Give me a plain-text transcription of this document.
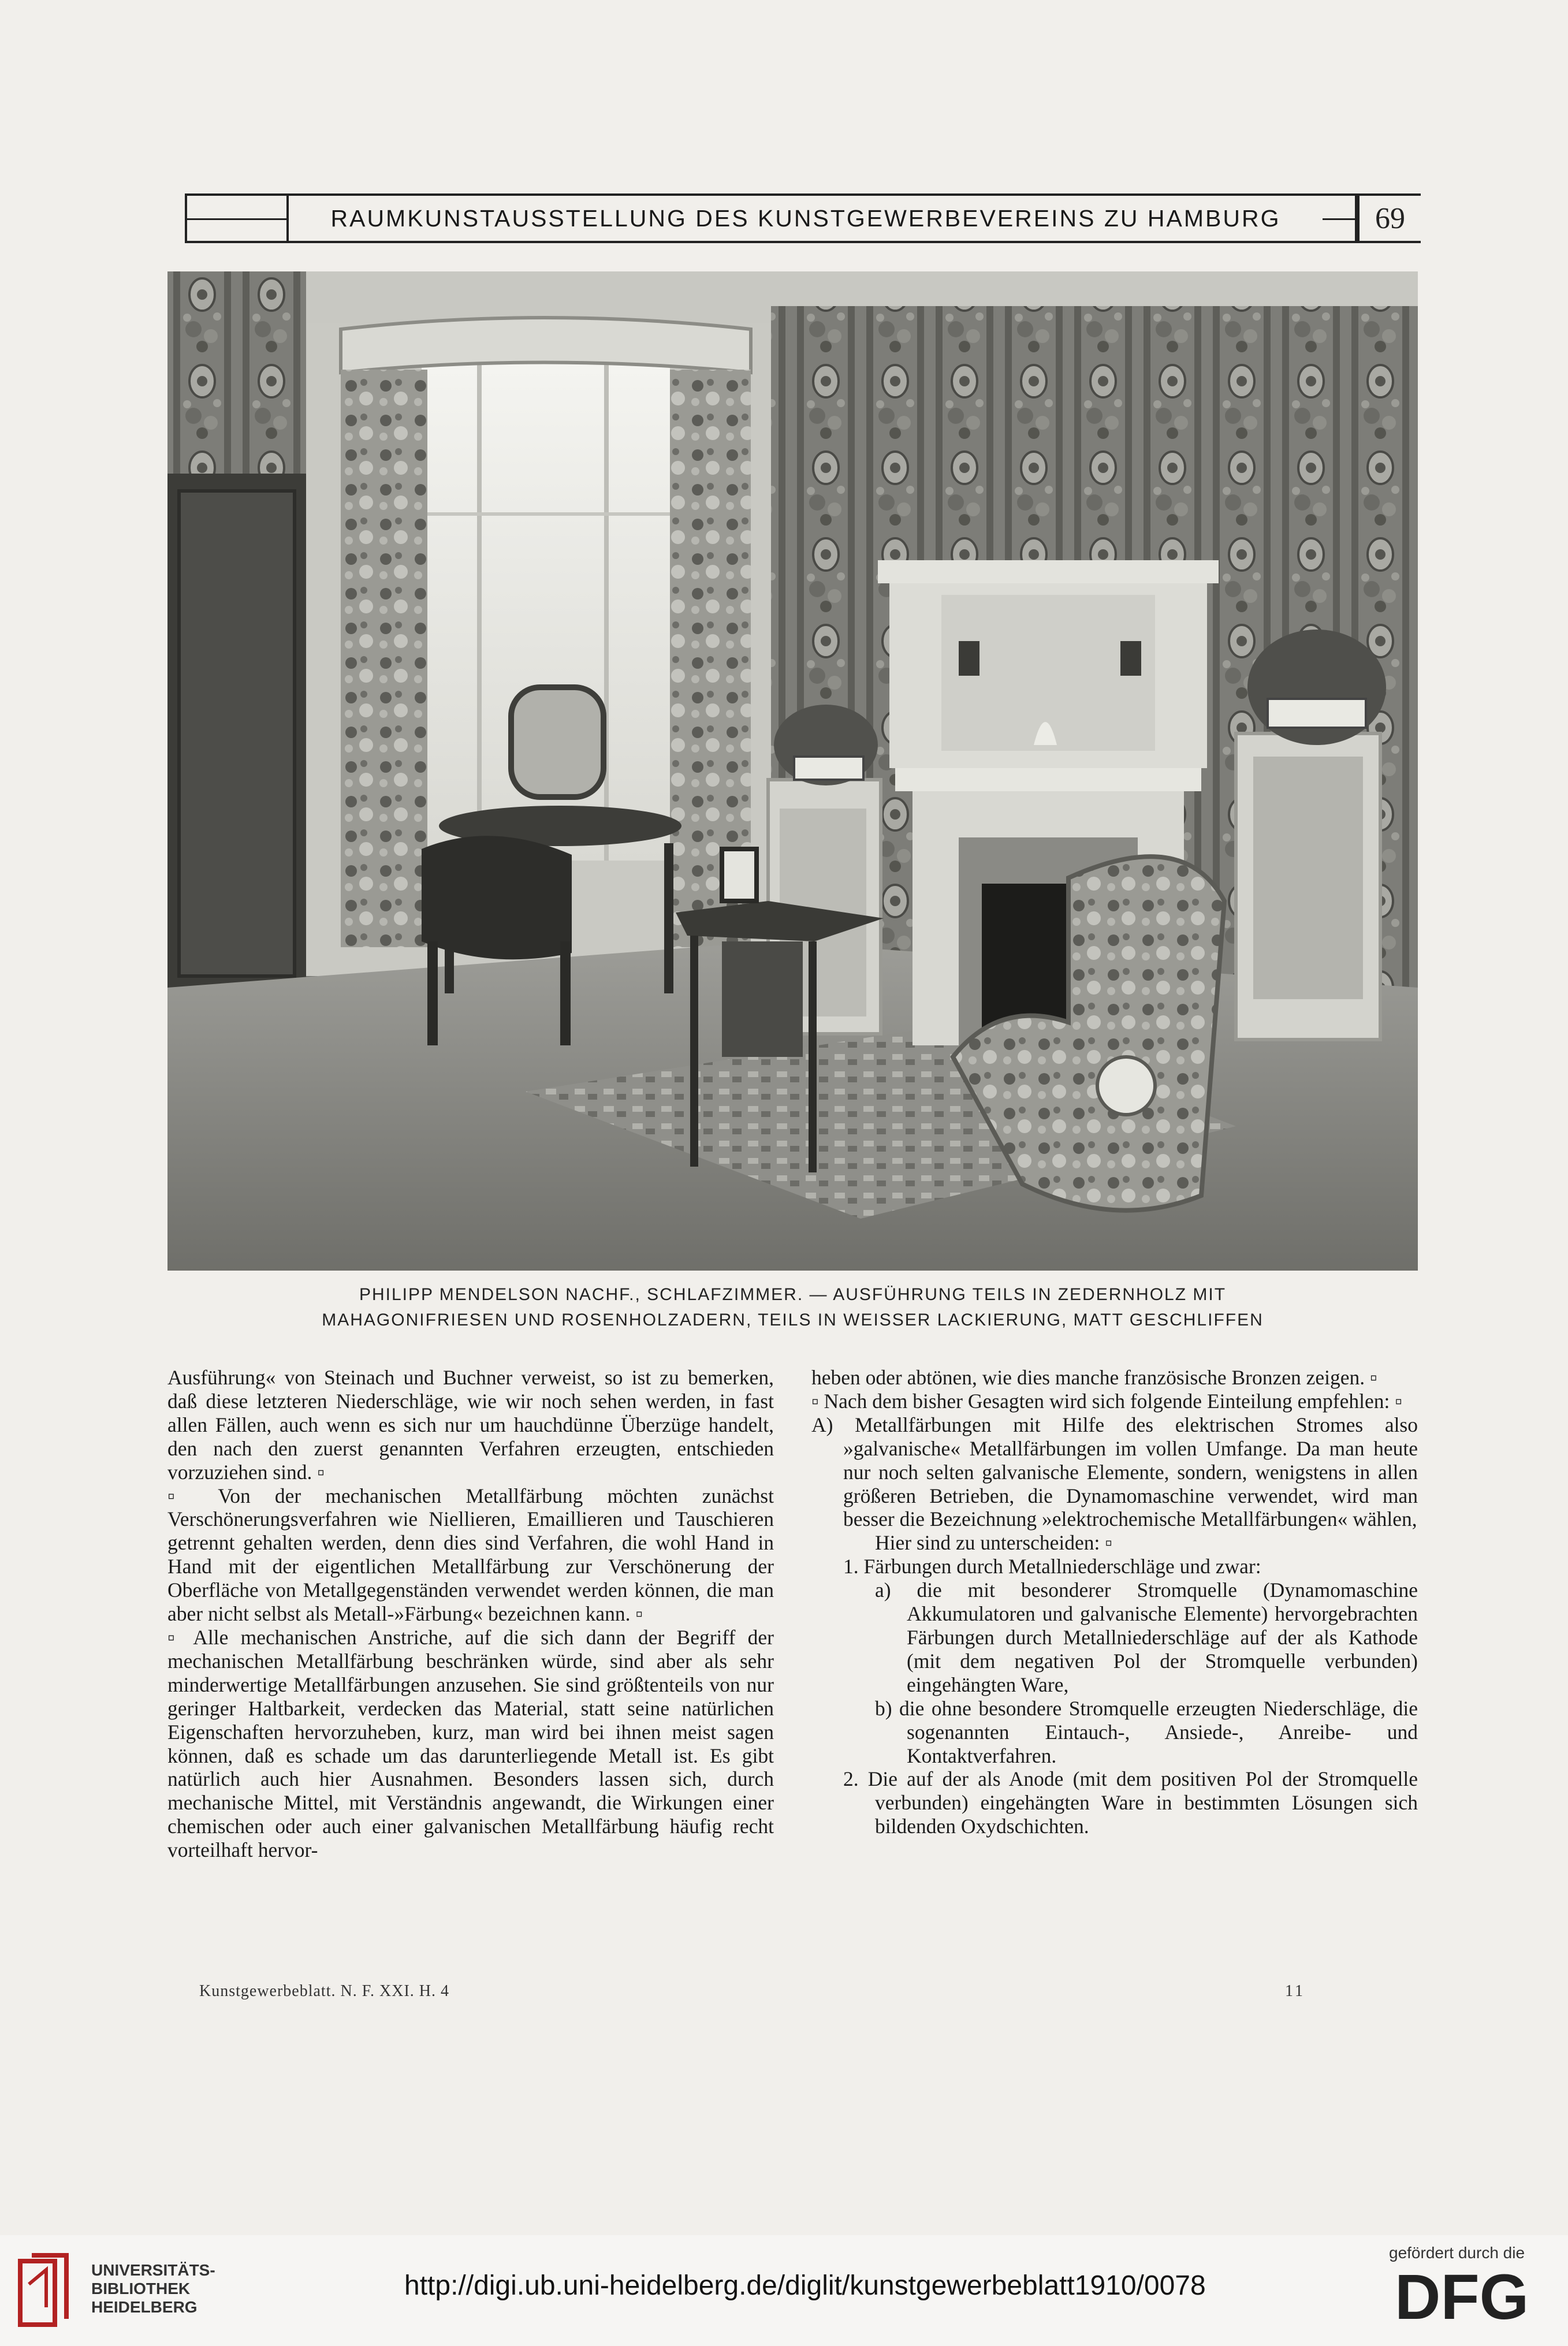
RAUMKUNSTAUSSTELLUNG DES KUNSTGEWERBEVEREINS ZU HAMBURG	69
PHILIPP MENDELSON NACHF., SCHLAFZIMMER. — AUSFÜHRUNG TEILS IN ZEDERNHOLZ MIT
MAHAGONIFRIESEN UND ROSENHOLZADERN, TEILS IN WEISSER LACKIERUNG, MATT GESCHLIFFEN

Ausführung« von Steinach und Buchner verweist, so ist zu bemerken, daß diese letzteren Niederschläge, wie wir noch sehen werden, in fast allen Fällen, auch wenn es sich nur um hauchdünne Überzüge handelt, den nach den zuerst genannten Verfahren erzeugten, entschieden vorzuziehen sind. ▫

▫ Von der mechanischen Metallfärbung möchten zunächst Verschönerungsverfahren wie Niellieren, Emaillieren und Tauschieren getrennt gehalten werden, denn dies sind Verfahren, die wohl Hand in Hand mit der eigentlichen Metallfärbung zur Verschönerung der Oberfläche von Metallgegenständen verwendet werden können, die man aber nicht selbst als Metall-»Färbung« bezeichnen kann. ▫

▫ Alle mechanischen Anstriche, auf die sich dann der Begriff der mechanischen Metallfärbung beschränken würde, sind aber als sehr minderwertige Metallfärbungen anzusehen. Sie sind größtenteils von nur geringer Haltbarkeit, verdecken das Material, statt seine natürlichen Eigenschaften hervorzuheben, kurz, man wird bei ihnen meist sagen können, daß es schade um das darunterliegende Metall ist. Es gibt natürlich auch hier Ausnahmen. Besonders lassen sich, durch mechanische Mittel, mit Verständnis angewandt, die Wirkungen einer chemischen oder auch einer galvanischen Metallfärbung häufig recht vorteilhaft hervor-

heben oder abtönen, wie dies manche französische Bronzen zeigen. ▫

▫ Nach dem bisher Gesagten wird sich folgende Einteilung empfehlen: ▫

A) Metallfärbungen mit Hilfe des elektrischen Stromes also »galvanische« Metallfärbungen im vollen Umfange. Da man heute nur noch selten galvanische Elemente, sondern, wenigstens in allen größeren Betrieben, die Dynamomaschine verwendet, wird man besser die Bezeichnung »elektrochemische Metallfärbungen« wählen,

Hier sind zu unterscheiden: ▫

1. Färbungen durch Metallniederschläge und zwar:

a) die mit besonderer Stromquelle (Dynamomaschine Akkumulatoren und galvanische Elemente) hervorgebrachten Färbungen durch Metallniederschläge auf der als Kathode (mit dem negativen Pol der Stromquelle verbunden) eingehängten Ware,

b) die ohne besondere Stromquelle erzeugten Niederschläge, die sogenannten Eintauch-, Ansiede-, Anreibe- und Kontaktverfahren.

2. Die auf der als Anode (mit dem positiven Pol der Stromquelle verbunden) eingehängten Ware in bestimmten Lösungen sich bildenden Oxydschichten.

Kunstgewerbeblatt. N. F. XXI. H. 4	11
UNIVERSITÄTS-
BIBLIOTHEK
HEIDELBERG
http://digi.ub.uni-heidelberg.de/diglit/kunstgewerbeblatt1910/0078
gefördert durch die
DFG
